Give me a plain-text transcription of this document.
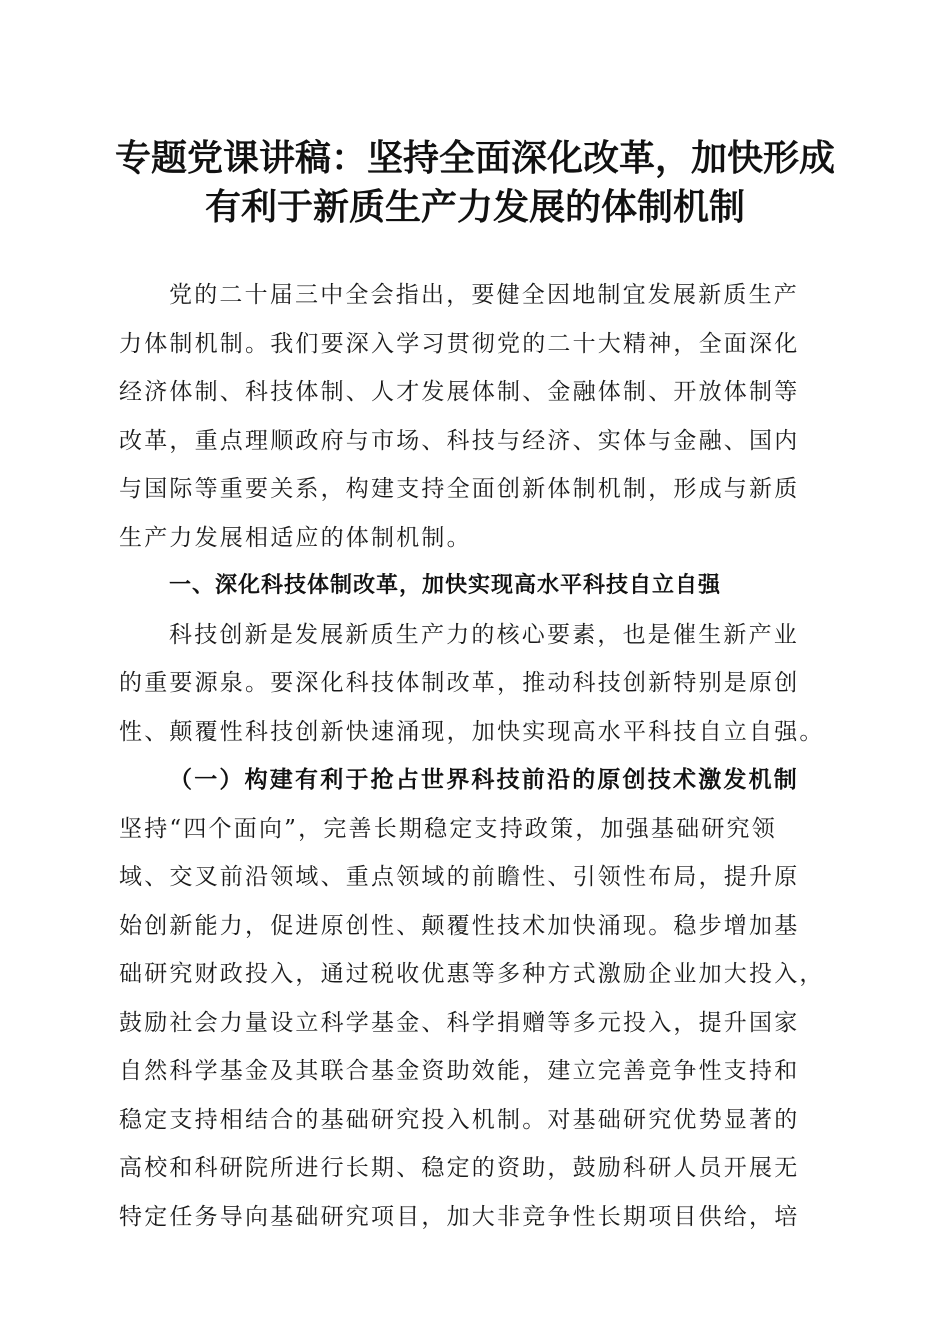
专题党课讲稿：坚持全面深化改革，加快形成
有利于新质生产力发展的体制机制
党的二十届三中全会指出，要健全因地制宜发展新质生产
力体制机制。我们要深入学习贯彻党的二十大精神，全面深化
经济体制、科技体制、人才发展体制、金融体制、开放体制等
改革，重点理顺政府与市场、科技与经济、实体与金融、国内
与国际等重要关系，构建支持全面创新体制机制，形成与新质
生产力发展相适应的体制机制。
一、深化科技体制改革，加快实现高水平科技自立自强
科技创新是发展新质生产力的核心要素，也是催生新产业
的重要源泉。要深化科技体制改革，推动科技创新特别是原创
性、颠覆性科技创新快速涌现，加快实现高水平科技自立自强。
（一）构建有利于抢占世界科技前沿的原创技术激发机制
坚持“四个面向”，完善长期稳定支持政策，加强基础研究领
域、交叉前沿领域、重点领域的前瞻性、引领性布局，提升原
始创新能力，促进原创性、颠覆性技术加快涌现。稳步增加基
础研究财政投入，通过税收优惠等多种方式激励企业加大投入，
鼓励社会力量设立科学基金、科学捐赠等多元投入，提升国家
自然科学基金及其联合基金资助效能，建立完善竞争性支持和
稳定支持相结合的基础研究投入机制。对基础研究优势显著的
高校和科研院所进行长期、稳定的资助，鼓励科研人员开展无
特定任务导向基础研究项目，加大非竞争性长期项目供给，培
